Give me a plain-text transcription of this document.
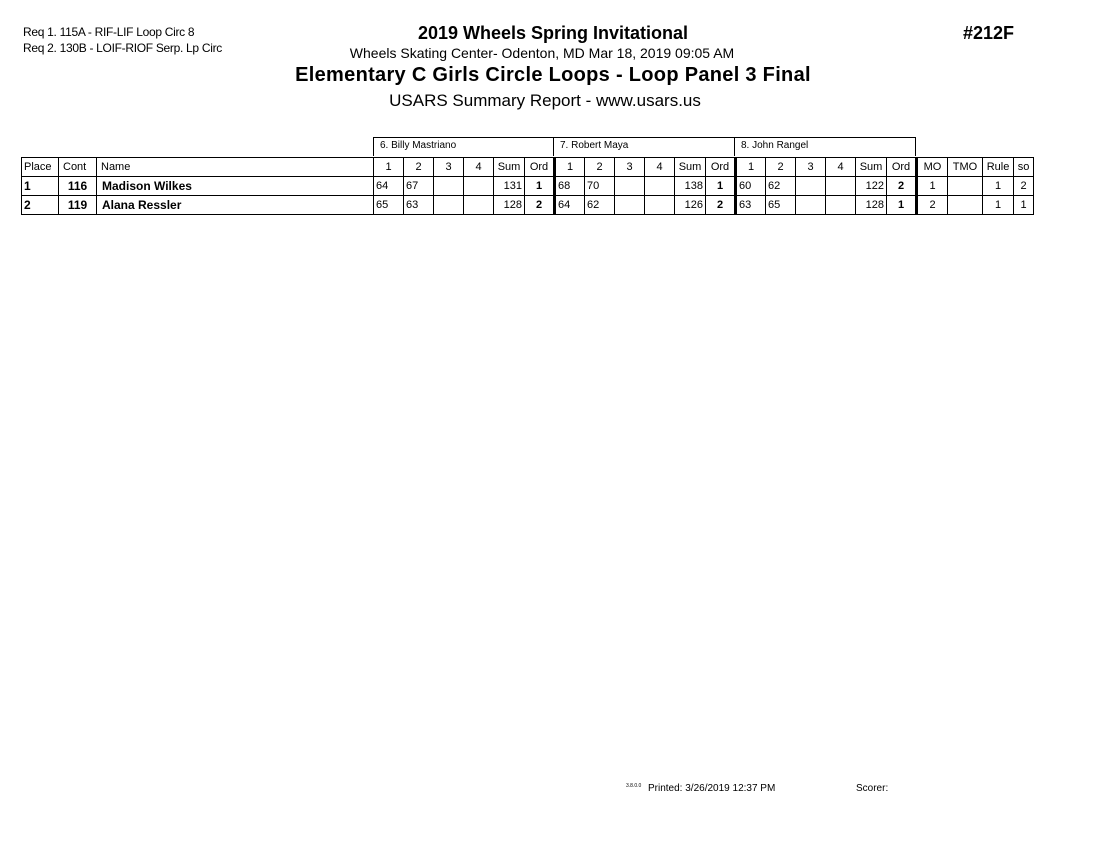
Req 1. 115A - RIF-LIF Loop Circ 8
Req 2. 130B - LOIF-RIOF Serp. Lp Circ
2019 Wheels Spring Invitational
Wheels Skating Center- Odenton, MD Mar 18, 2019 09:05 AM
Elementary C Girls Circle Loops - Loop Panel 3 Final
USARS Summary Report - www.usars.us
#212F
6. Billy Mastriano	7. Robert Maya	8. John Rangel
Place	Cont	Name	1	2	3	4	Sum	Ord	1	2	3	4	Sum	Ord	1	2	3	4	Sum	Ord	MO	TMO	Rule	so
1	116	Madison Wilkes	64	67			131	1	68	70			138	1	60	62			122	2	1		1	2
2	119	Alana Ressler	65	63			128	2	64	62			126	2	63	65			128	1	2		1	1
3.8.0.0 Printed: 3/26/2019 12:37 PM	Scorer:
